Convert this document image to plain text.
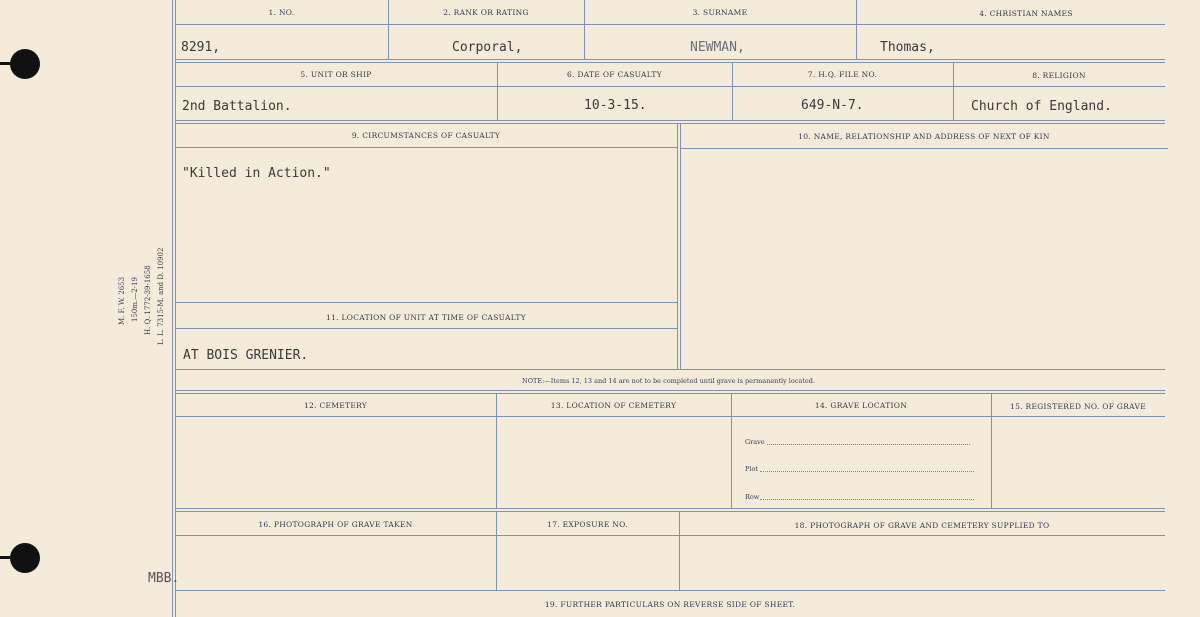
M. F. W. 2653 150m.—2-19 H. Q. 1772-39-1658 L. L. 7315-M. and D. 10902
1. NO.	2. RANK OR RATING	3. SURNAME	4. CHRISTIAN NAMES
8291,	Corporal,	NEWMAN,	Thomas,
5. UNIT OR SHIP	6. DATE OF CASUALTY	7. H.Q. FILE NO.	8. RELIGION
2nd Battalion.	10-3-15.	649-N-7.	Church of England.
9. CIRCUMSTANCES OF CASUALTY	10. NAME, RELATIONSHIP AND ADDRESS OF NEXT OF KIN
"Killed in Action."
11. LOCATION OF UNIT AT TIME OF CASUALTY
AT BOIS GRENIER.
NOTE:—Items 12, 13 and 14 are not to be completed until grave is permanently located.
12. CEMETERY	13. LOCATION OF CEMETERY	14. GRAVE LOCATION	15. REGISTERED NO. OF GRAVE
Grave
Plot
Row
16. PHOTOGRAPH OF GRAVE TAKEN	17. EXPOSURE NO.	18. PHOTOGRAPH OF GRAVE AND CEMETERY SUPPLIED TO
MBB.
19. FURTHER PARTICULARS ON REVERSE SIDE OF SHEET.
